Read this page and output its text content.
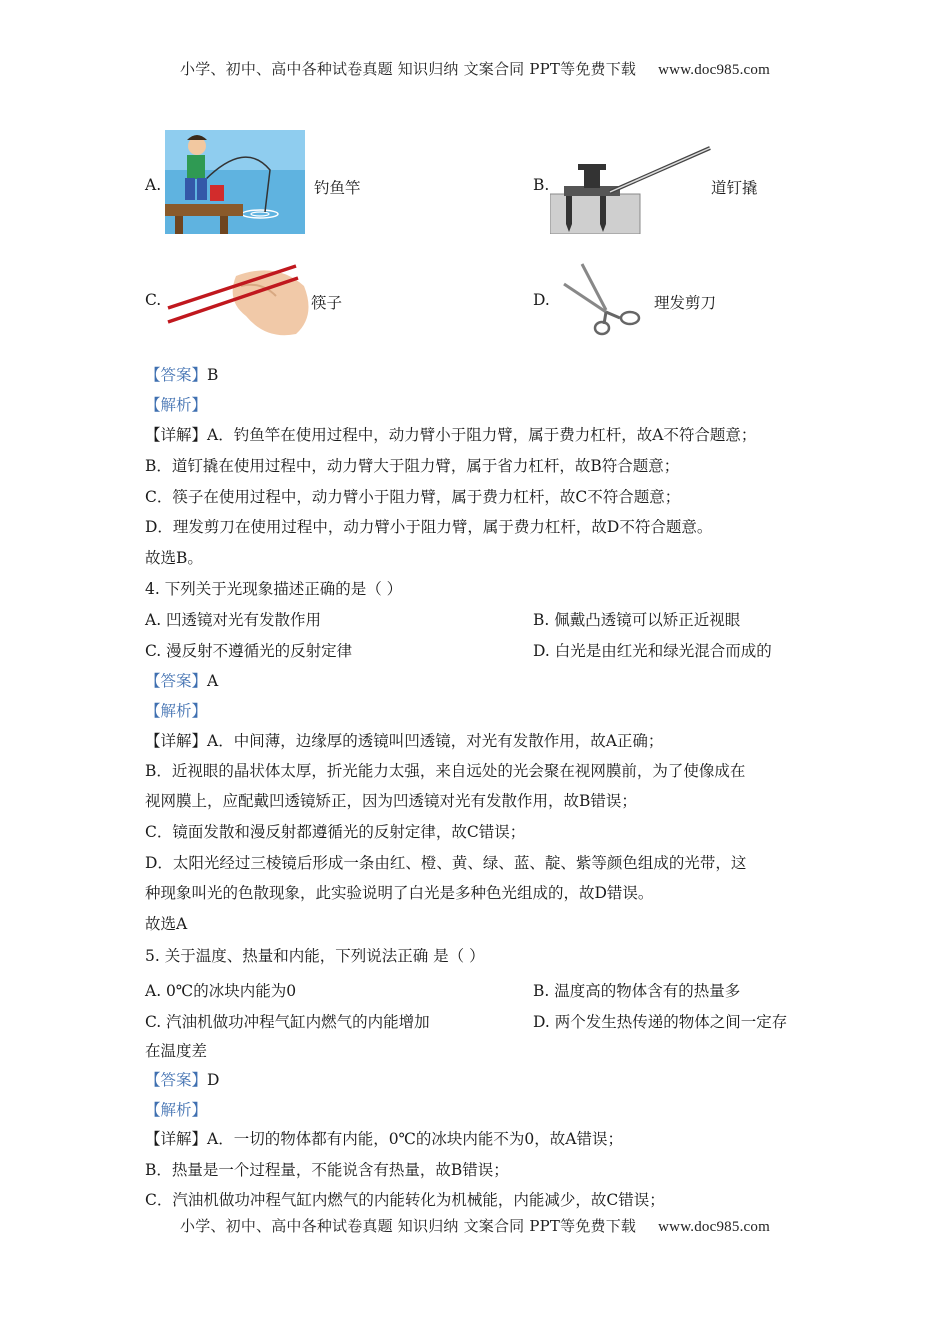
小学、初中、高中各种试卷真题 知识归纳 文案合同 PPT等免费下载 www.doc985.com
A.	钓鱼竿	B.	道钉撬
C.	筷子	D.	理发剪刀
【答案】B
【解析】
【详解】A．钓鱼竿在使用过程中，动力臂小于阻力臂，属于费力杠杆，故A不符合题意；
B．道钉撬在使用过程中，动力臂大于阻力臂，属于省力杠杆，故B符合题意；
C．筷子在使用过程中，动力臂小于阻力臂，属于费力杠杆，故C不符合题意；
D．理发剪刀在使用过程中，动力臂小于阻力臂，属于费力杠杆，故D不符合题意。
故选B。
4. 下列关于光现象描述正确的是（ ）
A. 凹透镜对光有发散作用	B. 佩戴凸透镜可以矫正近视眼
C. 漫反射不遵循光的反射定律	D. 白光是由红光和绿光混合而成的
【答案】A
【解析】
【详解】A．中间薄，边缘厚的透镜叫凹透镜，对光有发散作用，故A正确；
B．近视眼的晶状体太厚，折光能力太强，来自远处的光会聚在视网膜前，为了使像成在
视网膜上，应配戴凹透镜矫正，因为凹透镜对光有发散作用，故B错误；
C．镜面发散和漫反射都遵循光的反射定律，故C错误；
D．太阳光经过三棱镜后形成一条由红、橙、黄、绿、蓝、靛、紫等颜色组成的光带，这
种现象叫光的色散现象，此实验说明了白光是多种色光组成的，故D错误。
故选A
5. 关于温度、热量和内能，下列说法正确 是（ ）
A. 0℃的冰块内能为0	B. 温度高的物体含有的热量多
C. 汽油机做功冲程气缸内燃气的内能增加	D. 两个发生热传递的物体之间一定存
在温度差
【答案】D
【解析】
【详解】A．一切的物体都有内能，0℃的冰块内能不为0，故A错误；
B．热量是一个过程量，不能说含有热量，故B错误；
C．汽油机做功冲程气缸内燃气的内能转化为机械能，内能减少，故C错误；
小学、初中、高中各种试卷真题 知识归纳 文案合同 PPT等免费下载 www.doc985.com
